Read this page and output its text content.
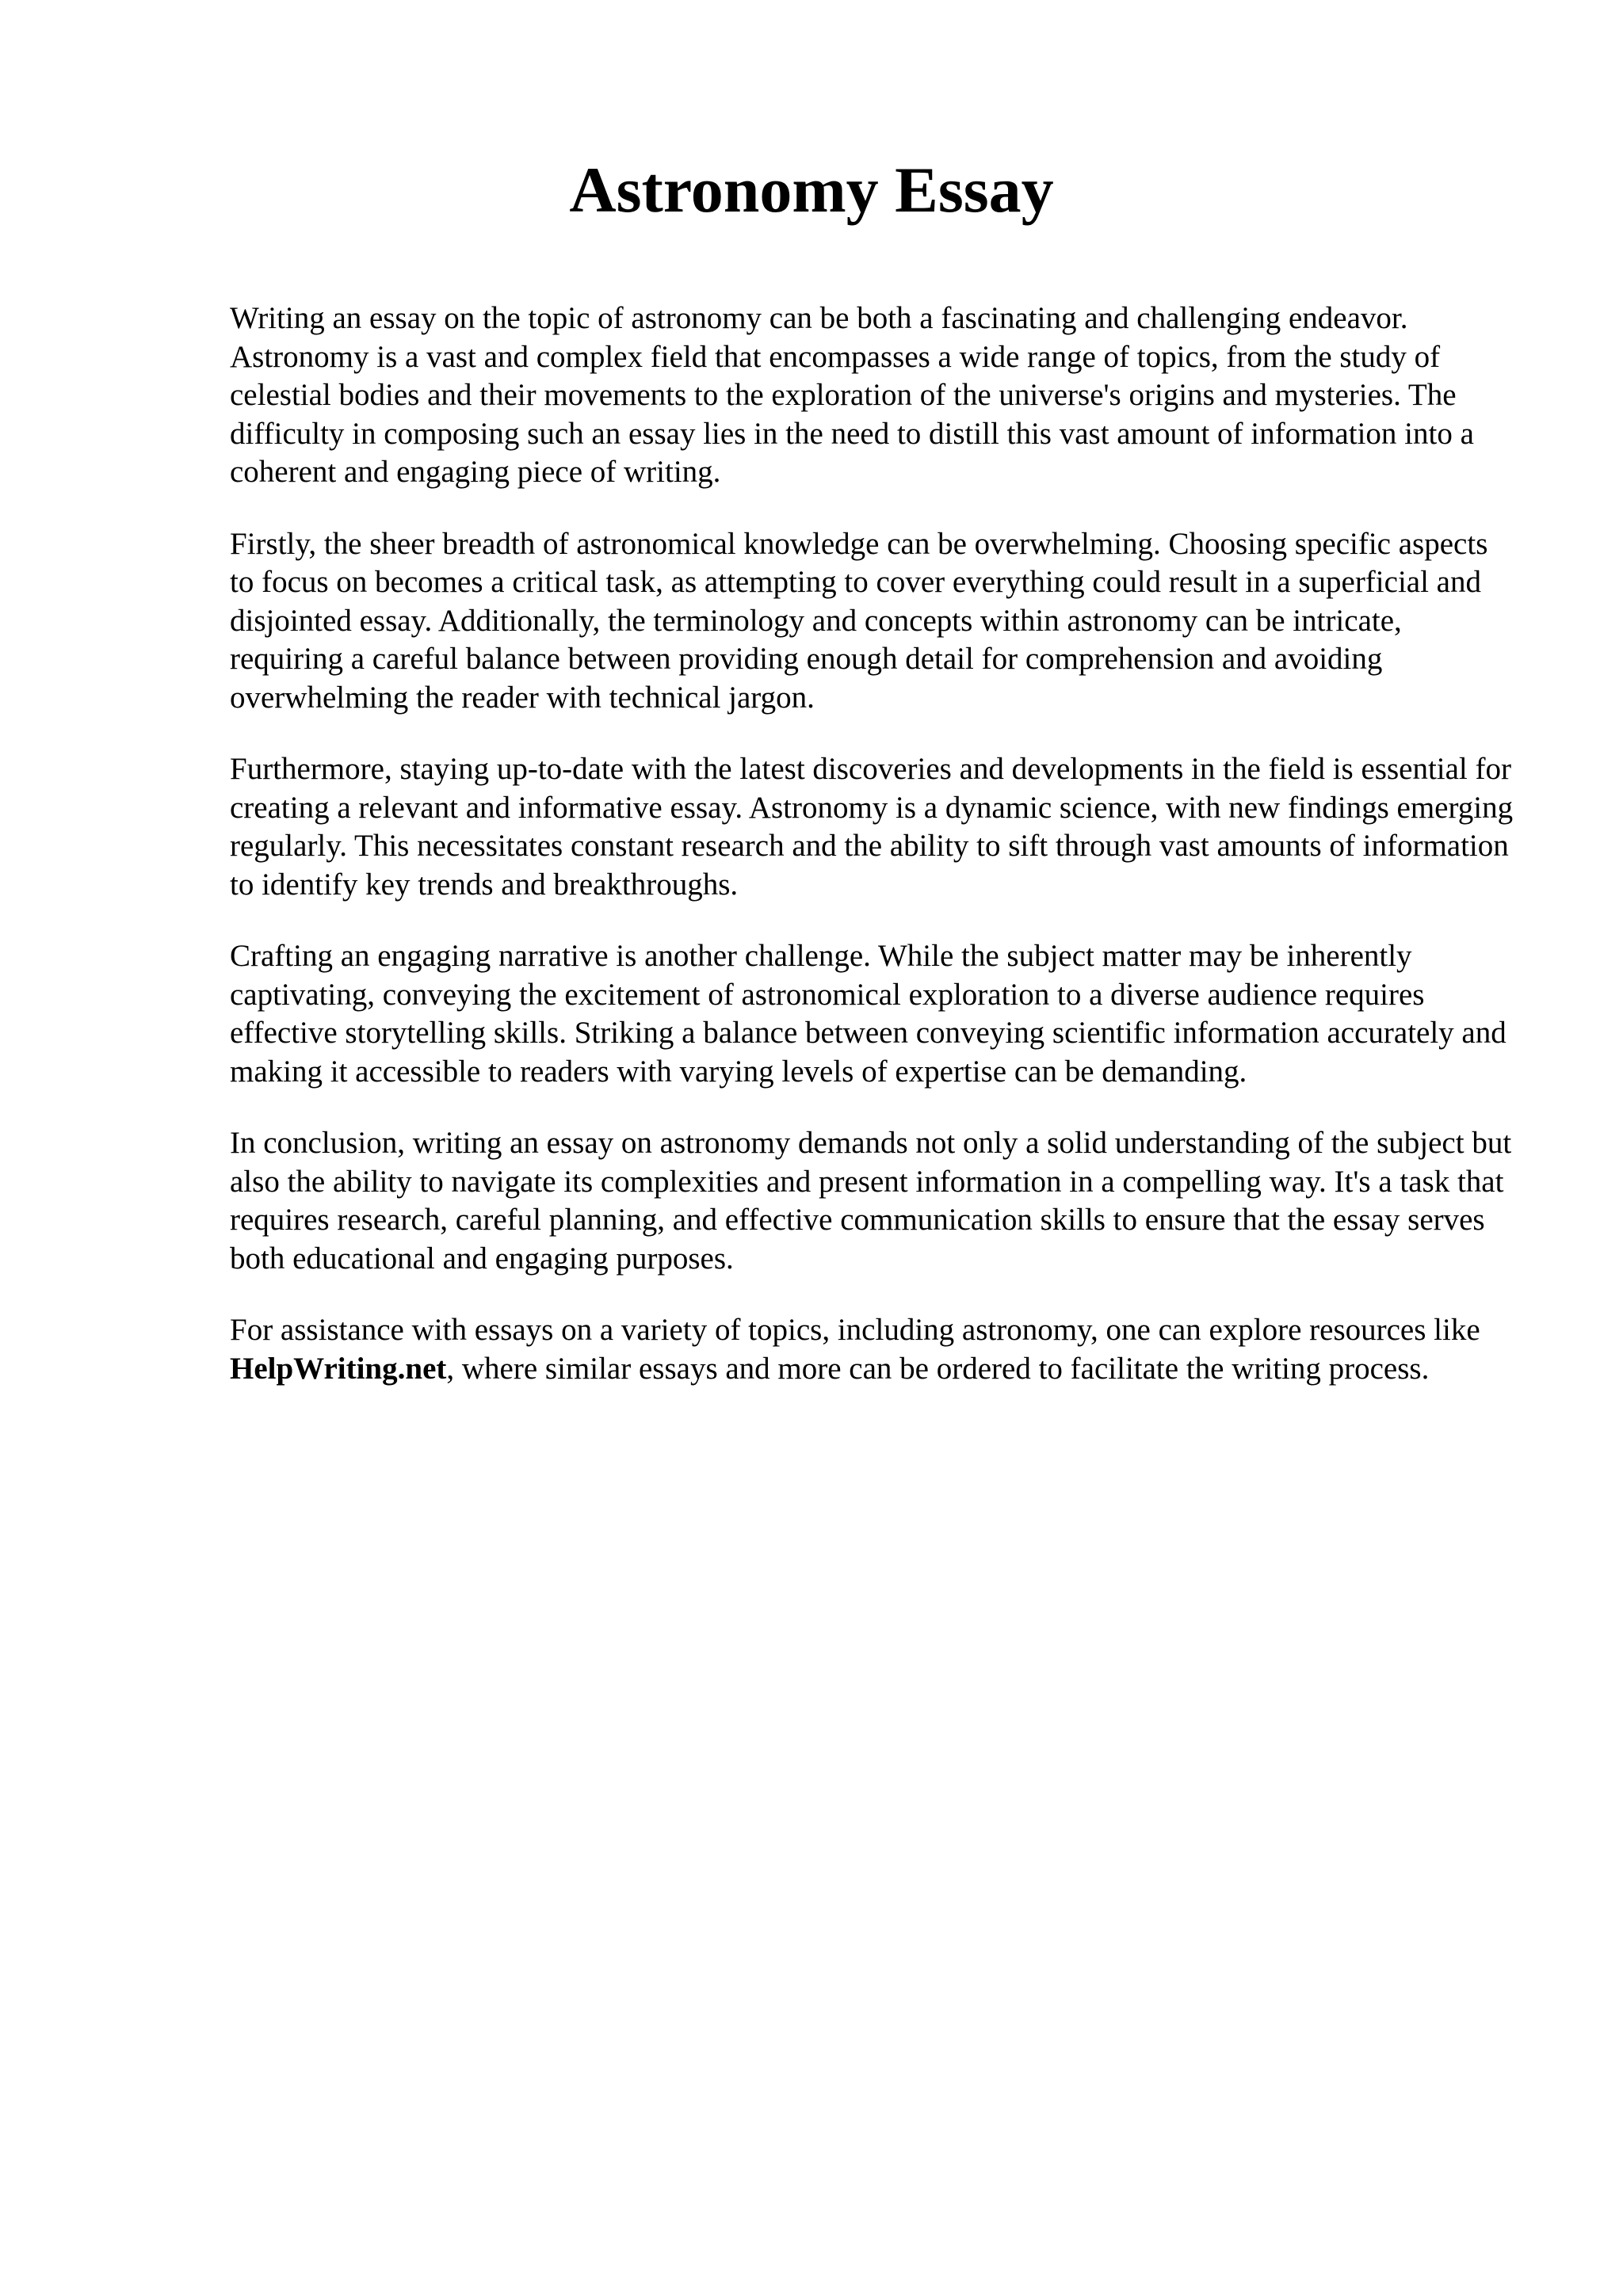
Astronomy Essay

Writing an essay on the topic of astronomy can be both a fascinating and challenging endeavor. Astronomy is a vast and complex field that encompasses a wide range of topics, from the study of celestial bodies and their movements to the exploration of the universe's origins and mysteries. The difficulty in composing such an essay lies in the need to distill this vast amount of information into a coherent and engaging piece of writing.

Firstly, the sheer breadth of astronomical knowledge can be overwhelming. Choosing specific aspects to focus on becomes a critical task, as attempting to cover everything could result in a superficial and disjointed essay. Additionally, the terminology and concepts within astronomy can be intricate, requiring a careful balance between providing enough detail for comprehension and avoiding overwhelming the reader with technical jargon.

Furthermore, staying up-to-date with the latest discoveries and developments in the field is essential for creating a relevant and informative essay. Astronomy is a dynamic science, with new findings emerging regularly. This necessitates constant research and the ability to sift through vast amounts of information to identify key trends and breakthroughs.

Crafting an engaging narrative is another challenge. While the subject matter may be inherently captivating, conveying the excitement of astronomical exploration to a diverse audience requires effective storytelling skills. Striking a balance between conveying scientific information accurately and making it accessible to readers with varying levels of expertise can be demanding.

In conclusion, writing an essay on astronomy demands not only a solid understanding of the subject but also the ability to navigate its complexities and present information in a compelling way. It's a task that requires research, careful planning, and effective communication skills to ensure that the essay serves both educational and engaging purposes.

For assistance with essays on a variety of topics, including astronomy, one can explore resources like HelpWriting.net, where similar essays and more can be ordered to facilitate the writing process.
